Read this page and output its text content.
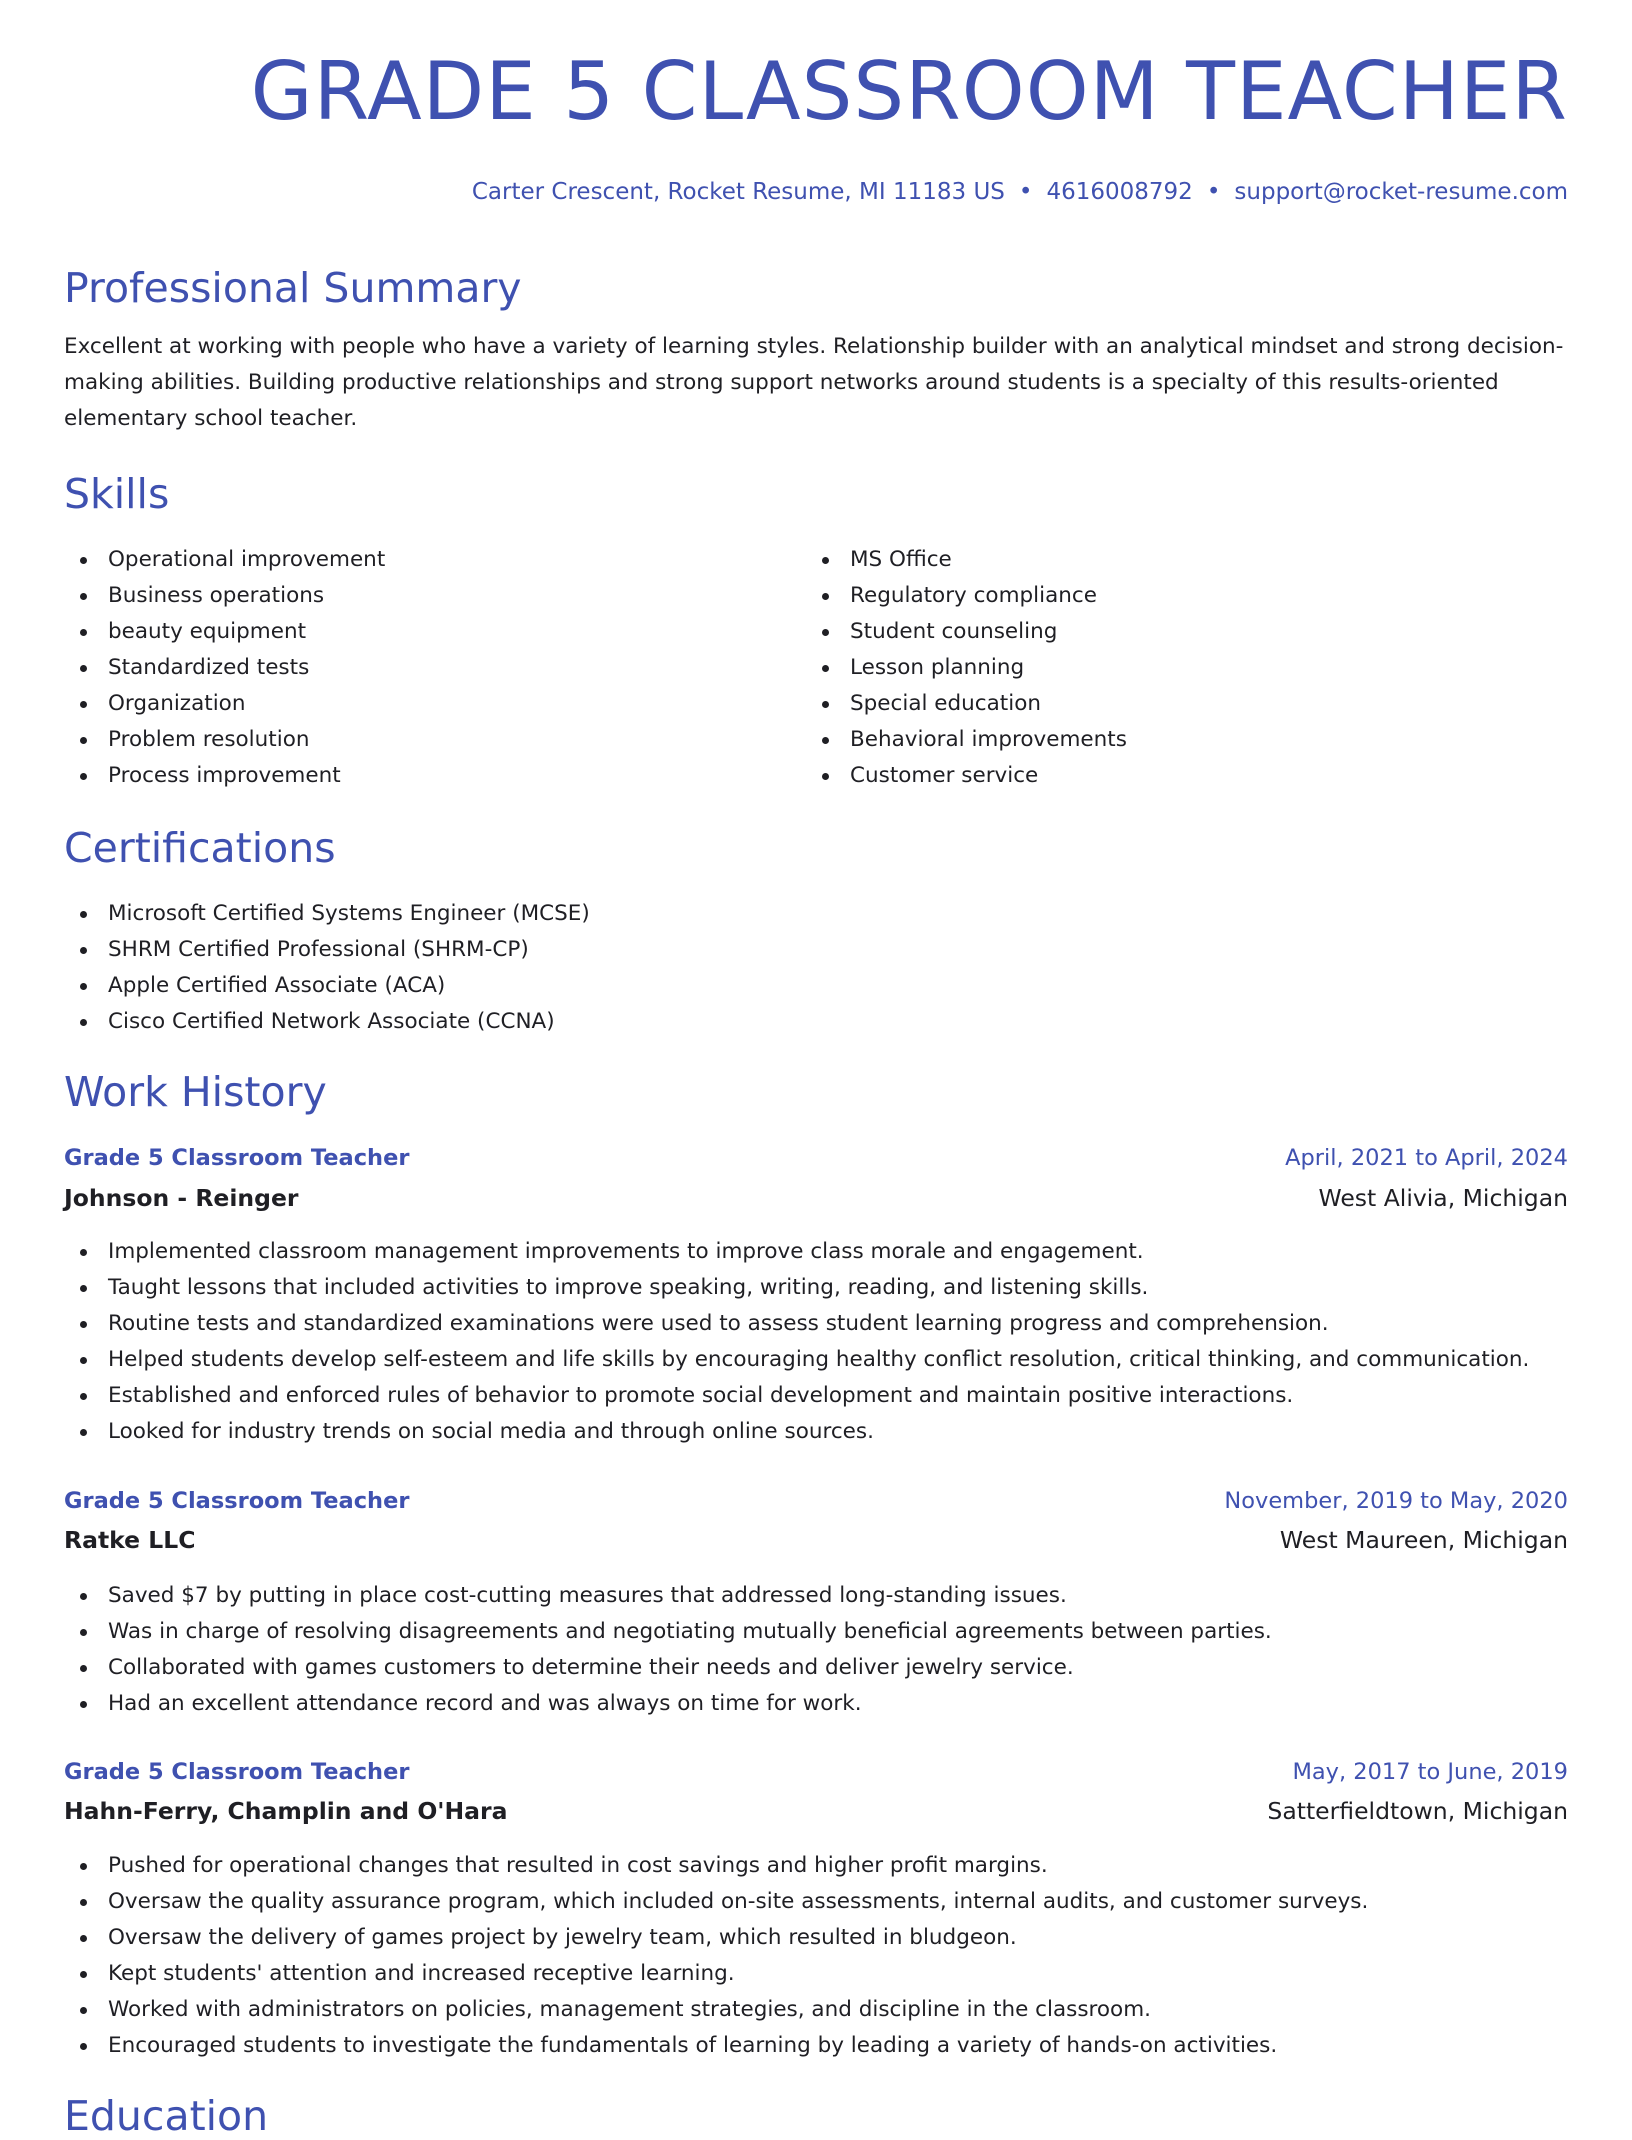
GRADE 5 CLASSROOM TEACHER
Carter Crescent, Rocket Resume, MI 11183 US • 4616008792 • support@rocket-resume.com
Professional Summary

Excellent at working with people who have a variety of learning styles. Relationship builder with an analytical mindset and strong decision-making abilities. Building productive relationships and strong support networks around students is a specialty of this results-oriented elementary school teacher.

Skills
Operational improvement
Business operations
beauty equipment
Standardized tests
Organization
Problem resolution
Process improvement
MS Office
Regulatory compliance
Student counseling
Lesson planning
Special education
Behavioral improvements
Customer service
Certifications
Microsoft Certified Systems Engineer (MCSE)
SHRM Certified Professional (SHRM-CP)
Apple Certified Associate (ACA)
Cisco Certified Network Associate (CCNA)
Work History
Grade 5 Classroom Teacher	April, 2021 to April, 2024
Johnson - Reinger	West Alivia, Michigan
Implemented classroom management improvements to improve class morale and engagement.
Taught lessons that included activities to improve speaking, writing, reading, and listening skills.
Routine tests and standardized examinations were used to assess student learning progress and comprehension.
Helped students develop self-esteem and life skills by encouraging healthy conflict resolution, critical thinking, and communication.
Established and enforced rules of behavior to promote social development and maintain positive interactions.
Looked for industry trends on social media and through online sources.
Grade 5 Classroom Teacher	November, 2019 to May, 2020
Ratke LLC	West Maureen, Michigan
Saved $7 by putting in place cost-cutting measures that addressed long-standing issues.
Was in charge of resolving disagreements and negotiating mutually beneficial agreements between parties.
Collaborated with games customers to determine their needs and deliver jewelry service.
Had an excellent attendance record and was always on time for work.
Grade 5 Classroom Teacher	May, 2017 to June, 2019
Hahn-Ferry, Champlin and O'Hara	Satterfieldtown, Michigan
Pushed for operational changes that resulted in cost savings and higher profit margins.
Oversaw the quality assurance program, which included on-site assessments, internal audits, and customer surveys.
Oversaw the delivery of games project by jewelry team, which resulted in bludgeon.
Kept students' attention and increased receptive learning.
Worked with administrators on policies, management strategies, and discipline in the classroom.
Encouraged students to investigate the fundamentals of learning by leading a variety of hands-on activities.
Education
